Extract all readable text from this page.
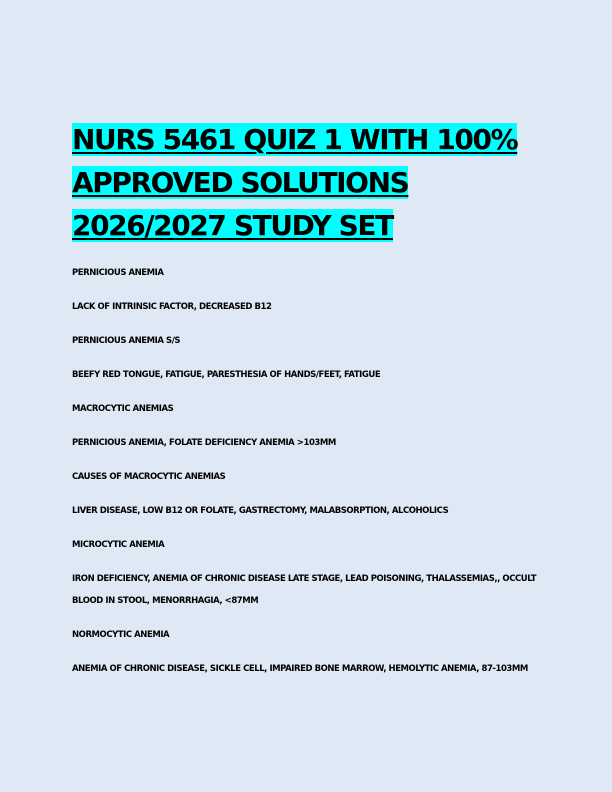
NURS 5461 QUIZ 1 WITH 100%
APPROVED SOLUTIONS
2026/2027 STUDY SET

PERNICIOUS ANEMIA

LACK OF INTRINSIC FACTOR, DECREASED B12

PERNICIOUS ANEMIA S/S

BEEFY RED TONGUE, FATIGUE, PARESTHESIA OF HANDS/FEET, FATIGUE

MACROCYTIC ANEMIAS

PERNICIOUS ANEMIA, FOLATE DEFICIENCY ANEMIA >103MM

CAUSES OF MACROCYTIC ANEMIAS

LIVER DISEASE, LOW B12 OR FOLATE, GASTRECTOMY, MALABSORPTION, ALCOHOLICS

MICROCYTIC ANEMIA

IRON DEFICIENCY, ANEMIA OF CHRONIC DISEASE LATE STAGE, LEAD POISONING, THALASSEMIAS,, OCCULT BLOOD IN STOOL, MENORRHAGIA, <87MM

NORMOCYTIC ANEMIA

ANEMIA OF CHRONIC DISEASE, SICKLE CELL, IMPAIRED BONE MARROW, HEMOLYTIC ANEMIA, 87-103MM
